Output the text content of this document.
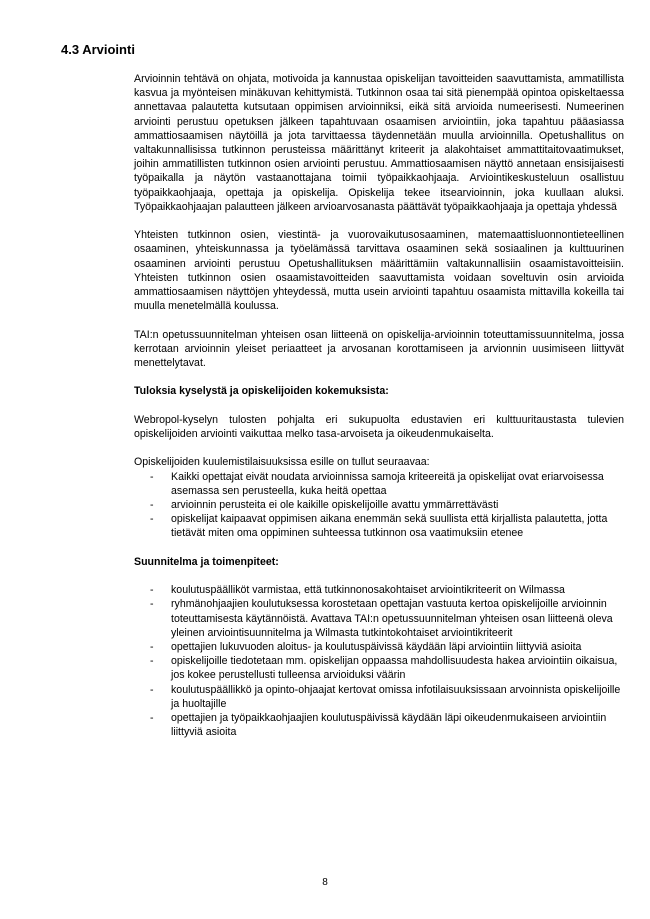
4.3 Arviointi

Arvioinnin tehtävä on ohjata, motivoida ja kannustaa opiskelijan tavoitteiden saavuttamista, ammatillista kasvua ja myönteisen minäkuvan kehittymistä. Tutkinnon osaa tai sitä pienempää opintoa opiskeltaessa annettavaa palautetta kutsutaan oppimisen arvioinniksi, eikä sitä arvioida numeerisesti. Numeerinen arviointi perustuu opetuksen jälkeen tapahtuvaan osaamisen arviointiin, joka tapahtuu pääasiassa ammattiosaamisen näytöillä ja jota tarvittaessa täydennetään muulla arvioinnilla. Opetushallitus on valtakunnallisissa tutkinnon perusteissa määrittänyt kriteerit ja alakohtaiset ammattitaitovaatimukset, joihin ammatillisten tutkinnon osien arviointi perustuu. Ammattiosaamisen näyttö annetaan ensisijaisesti työpaikalla ja näytön vastaanottajana toimii työpaikkaohjaaja. Arviointikeskusteluun osallistuu työpaikkaohjaaja, opettaja ja opiskelija. Opiskelija tekee itsearvioinnin, joka kuullaan aluksi. Työpaikkaohjaajan palautteen jälkeen arvioarvosanasta päättävät työpaikkaohjaaja ja opettaja yhdessä

Yhteisten tutkinnon osien, viestintä- ja vuorovaikutusosaaminen, matemaattisluonnontieteellinen osaaminen, yhteiskunnassa ja työelämässä tarvittava osaaminen sekä sosiaalinen ja kulttuurinen osaaminen arviointi perustuu Opetushallituksen määrittämiin valtakunnallisiin osaamistavoitteisiin. Yhteisten tutkinnon osien osaamistavoitteiden saavuttamista voidaan soveltuvin osin arvioida ammattiosaamisen näyttöjen yhteydessä, mutta usein arviointi tapahtuu osaamista mittavilla kokeilla tai muulla menetelmällä koulussa.

TAI:n opetussuunnitelman yhteisen osan liitteenä on opiskelija-arvioinnin toteuttamissuunnitelma, jossa kerrotaan arvioinnin yleiset periaatteet ja arvosanan korottamiseen ja arvionnin uusimiseen liittyvät menettelytavat.

Tuloksia kyselystä ja opiskelijoiden kokemuksista:

Webropol-kyselyn tulosten pohjalta eri sukupuolta edustavien eri kulttuuritaustasta tulevien opiskelijoiden arviointi vaikuttaa melko tasa-arvoiseta ja oikeudenmukaiselta.

Opiskelijoiden kuulemistilaisuuksissa esille on tullut seuraavaa:

- Kaikki opettajat eivät noudata arvioinnissa samoja kriteereitä ja opiskelijat ovat eriarvoisessa asemassa sen perusteella, kuka heitä opettaa
- arvioinnin perusteita ei ole kaikille opiskelijoille avattu ymmärrettävästi
- opiskelijat kaipaavat oppimisen aikana enemmän sekä suullista että kirjallista palautetta, jotta tietävät miten oma oppiminen suhteessa tutkinnon osa vaatimuksiin etenee
Suunnitelma ja toimenpiteet:
- koulutuspäälliköt varmistaa, että tutkinnonosakohtaiset arviointikriteerit on Wilmassa
- ryhmänohjaajien koulutuksessa korostetaan opettajan vastuuta kertoa opiskelijoille arvioinnin toteuttamisesta käytännöistä. Avattava TAI:n opetussuunnitelman yhteisen osan liitteenä oleva yleinen arviointisuunnitelma ja Wilmasta tutkintokohtaiset arviointikriteerit
- opettajien lukuvuoden aloitus- ja koulutuspäivissä käydään läpi arviointiin liittyviä asioita
- opiskelijoille tiedotetaan mm. opiskelijan oppaassa mahdollisuudesta hakea arviointiin oikaisua, jos kokee perustellusti tulleensa arvioiduksi väärin
- koulutuspäällikkö ja opinto-ohjaajat kertovat omissa infotilaisuuksissaan arvoinnista opiskelijoille ja huoltajille
- opettajien ja työpaikkaohjaajien koulutuspäivissä käydään läpi oikeudenmukaiseen arviointiin liittyviä asioita
8
